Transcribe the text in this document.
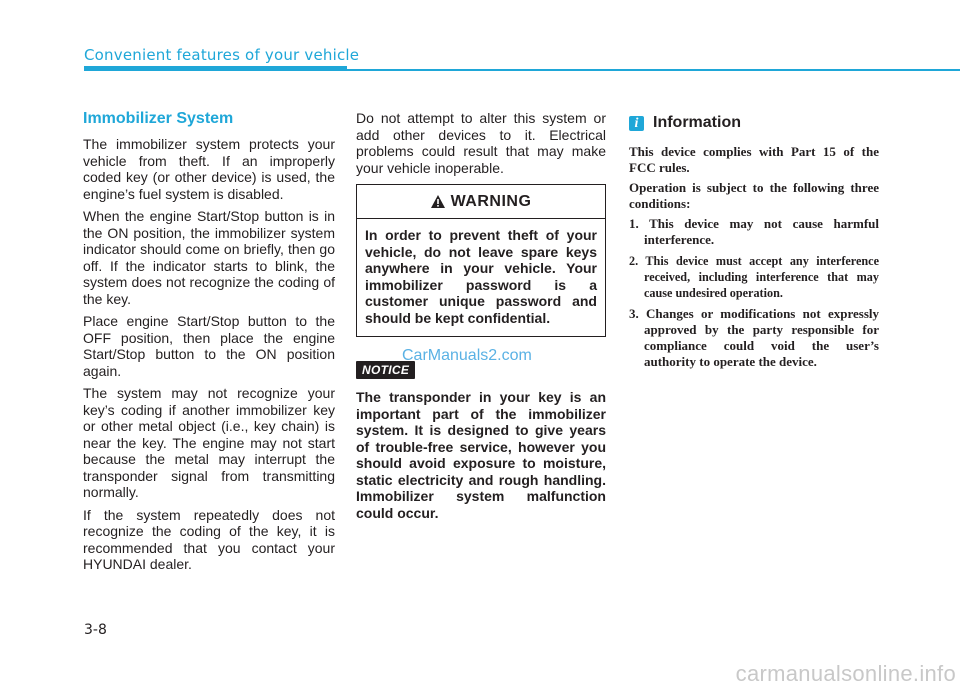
Convenient features of your vehicle
Immobilizer System

The immobilizer system protects your vehicle from theft. If an improperly coded key (or other device) is used, the engine’s fuel system is disabled.

When the engine Start/Stop button is in the ON position, the immobilizer system indicator should come on briefly, then go off. If the indicator starts to blink, the system does not recognize the coding of the key.

Place engine Start/Stop button to the OFF position, then place the engine Start/Stop button to the ON position again.

The system may not recognize your key’s coding if another immobilizer key or other metal object (i.e., key chain) is near the key. The engine may not start because the metal may interrupt the transponder signal from transmitting normally.

If the system repeatedly does not recognize the coding of the key, it is recommended that you contact your HYUNDAI dealer.

Do not attempt to alter this system or add other devices to it. Electrical problems could result that may make your vehicle inoperable.

WARNING
In order to prevent theft of your vehicle, do not leave spare keys anywhere in your vehicle. Your immobilizer password is a customer unique password and should be kept confidential.
NOTICE
CarManuals2.com
The transponder in your key is an important part of the immobilizer system. It is designed to give years of trouble-free service, however you should avoid exposure to moisture, static electricity and rough handling. Immobilizer system malfunction could occur.
i Information

This device complies with Part 15 of the FCC rules.

Operation is subject to the following three conditions:

1. This device may not cause harmful interference.
2. This device must accept any interference received, including interference that may cause undesired operation.
3. Changes or modifications not expressly approved by the party responsible for compliance could void the user’s authority to operate the device.
3-8
carmanualsonline.info
